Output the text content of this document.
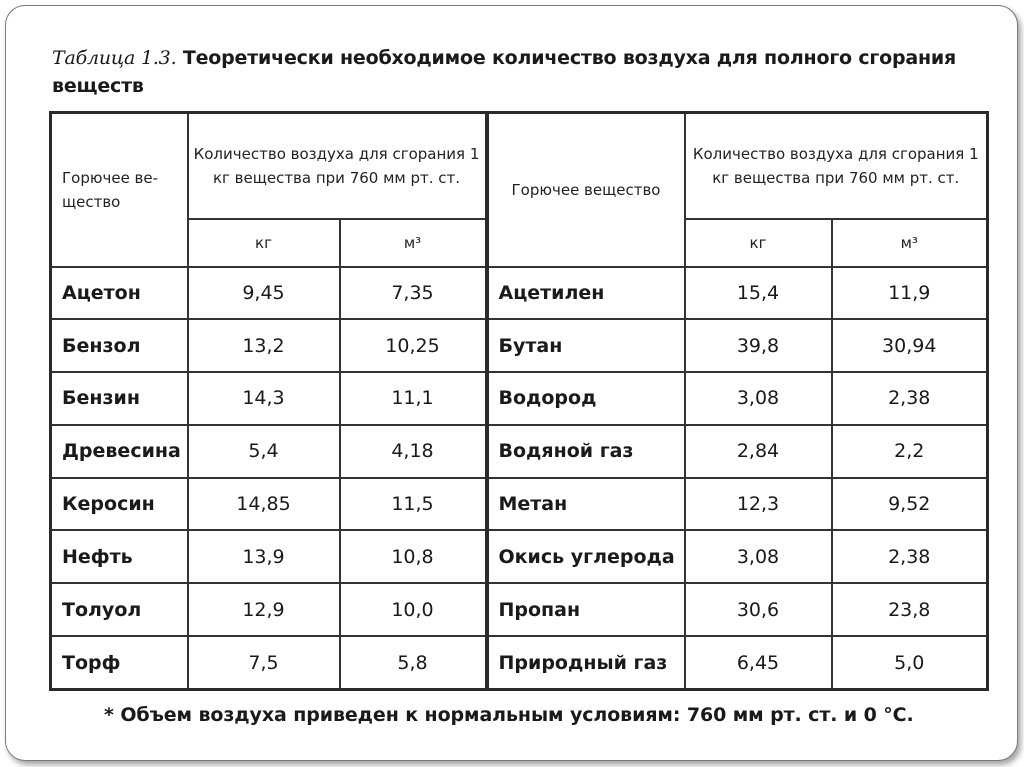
Таблица 1.3. Теоретически необходимое количество воздуха для полного сгорания веществ
Горючее ве- щество	Количество воздуха для сгорания 1 кг вещества при 760 мм рт. ст.		Горючее вещество	Количество воздуха для сгорания 1 кг вещества при 760 мм рт. ст.	
	кг	м³		кг	м³
Ацетон	9,45	7,35	Ацетилен	15,4	11,9
Бензол	13,2	10,25	Бутан	39,8	30,94
Бензин	14,3	11,1	Водород	3,08	2,38
Древесина	5,4	4,18	Водяной газ	2,84	2,2
Керосин	14,85	11,5	Метан	12,3	9,52
Нефть	13,9	10,8	Окись углерода	3,08	2,38
Толуол	12,9	10,0	Пропан	30,6	23,8
Торф	7,5	5,8	Природный газ	6,45	5,0
* Объем воздуха приведен к нормальным условиям: 760 мм рт. ст. и 0 °С.
